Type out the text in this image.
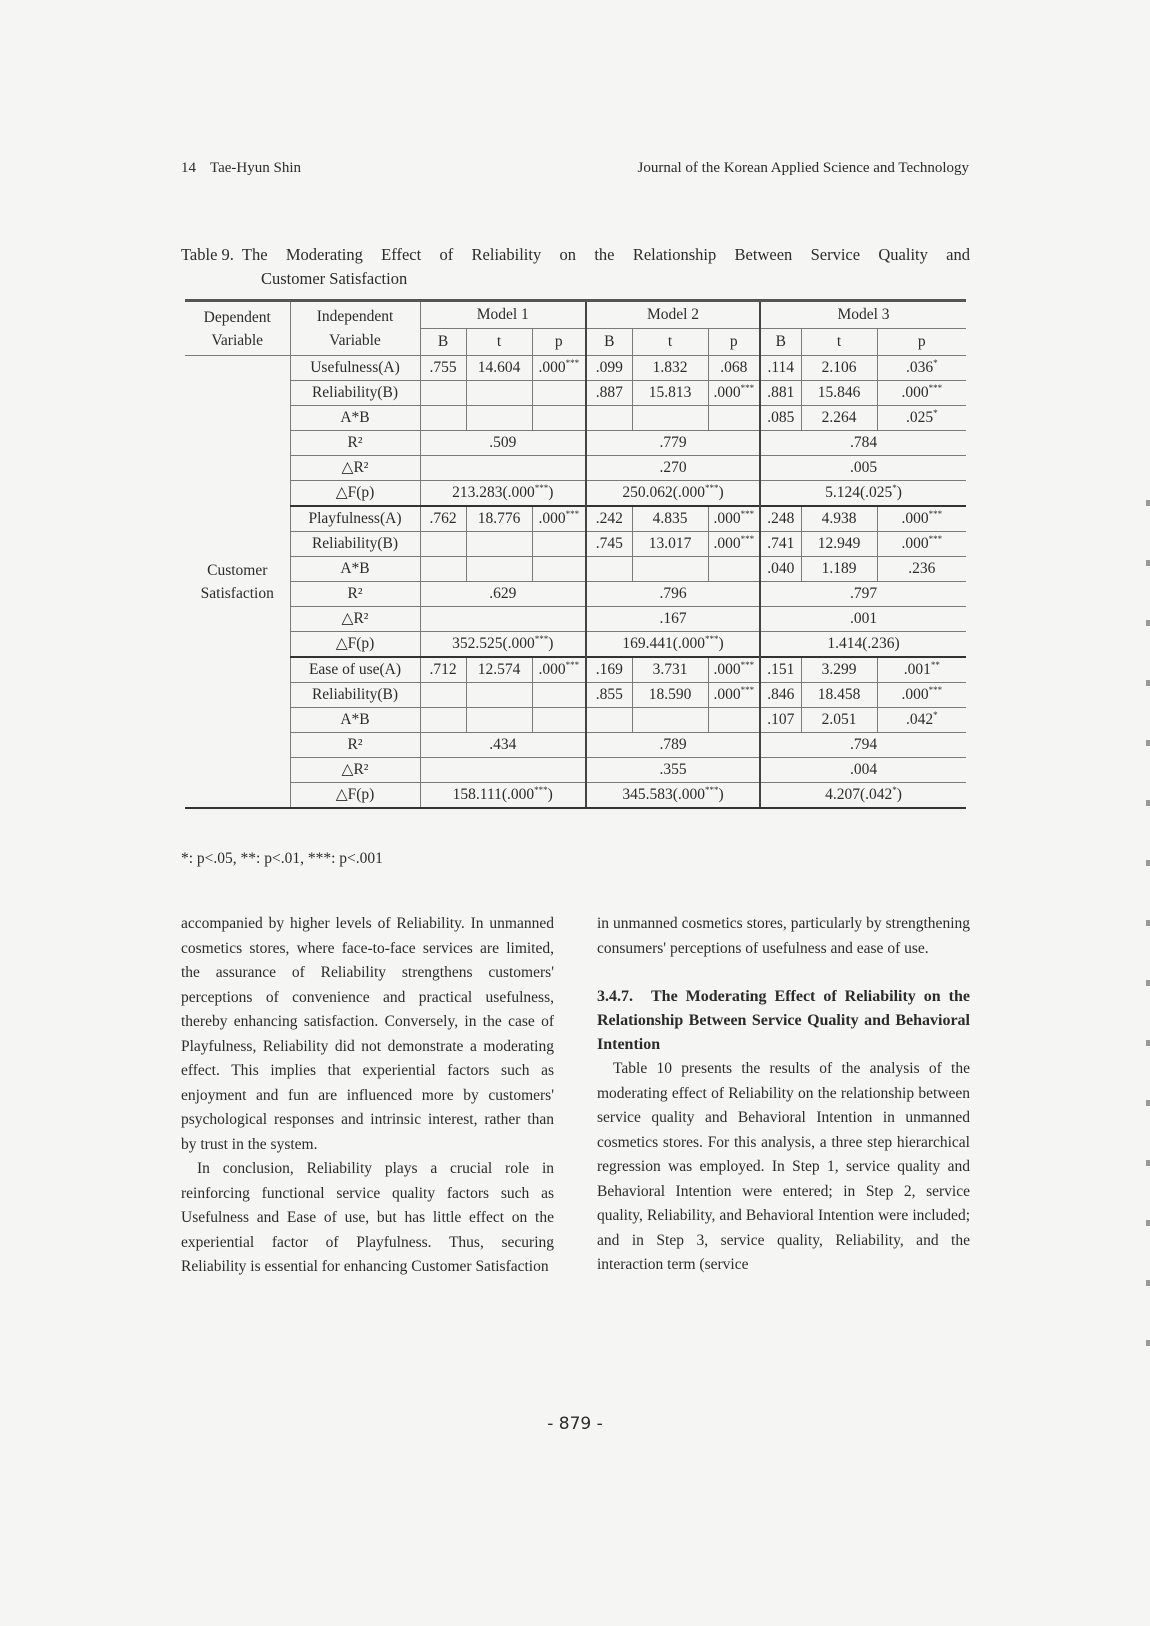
14 Tae-Hyun Shin	Journal of the Korean Applied Science and Technology
Table 9. The Moderating Effect of Reliability on the Relationship Between Service Quality and
Customer Satisfaction
Dependent Variable	Independent Variable	Model 1			Model 2			Model 3		
		B	t	p	B	t	p	B	t	p
Customer Satisfaction	Usefulness(A)	.755	14.604	.000***	.099	1.832	.068	.114	2.106	.036*
	Reliability(B)				.887	15.813	.000***	.881	15.846	.000***
	A*B							.085	2.264	.025*
	R²	.509			.779			.784		
	△R²				.270			.005		
	△F(p)	213.283(.000***)			250.062(.000***)			5.124(.025*)		
	Playfulness(A)	.762	18.776	.000***	.242	4.835	.000***	.248	4.938	.000***
	Reliability(B)				.745	13.017	.000***	.741	12.949	.000***
	A*B							.040	1.189	.236
	R²	.629			.796			.797		
	△R²				.167			.001		
	△F(p)	352.525(.000***)			169.441(.000***)			1.414(.236)		
	Ease of use(A)	.712	12.574	.000***	.169	3.731	.000***	.151	3.299	.001**
	Reliability(B)				.855	18.590	.000***	.846	18.458	.000***
	A*B							.107	2.051	.042*
	R²	.434			.789			.794		
	△R²				.355			.004		
	△F(p)	158.111(.000***)			345.583(.000***)			4.207(.042*)		
*: p<.05, **: p<.01, ***: p<.001

accompanied by higher levels of Reliability. In unmanned cosmetics stores, where face-to-face services are limited, the assurance of Reliability strengthens customers' perceptions of convenience and practical usefulness, thereby enhancing satisfaction. Conversely, in the case of Playfulness, Reliability did not demonstrate a moderating effect. This implies that experiential factors such as enjoyment and fun are influenced more by customers' psychological responses and intrinsic interest, rather than by trust in the system.

In conclusion, Reliability plays a crucial role in reinforcing functional service quality factors such as Usefulness and Ease of use, but has little effect on the experiential factor of Playfulness. Thus, securing Reliability is essential for enhancing Customer Satisfaction

in unmanned cosmetics stores, particularly by strengthening consumers' perceptions of usefulness and ease of use.

3.4.7. The Moderating Effect of Reliability on the Relationship Between Service Quality and Behavioral Intention

Table 10 presents the results of the analysis of the moderating effect of Reliability on the relationship between service quality and Behavioral Intention in unmanned cosmetics stores. For this analysis, a three step hierarchical regression was employed. In Step 1, service quality and Behavioral Intention were entered; in Step 2, service quality, Reliability, and Behavioral Intention were included; and in Step 3, service quality, Reliability, and the interaction term (service

- 879 -
